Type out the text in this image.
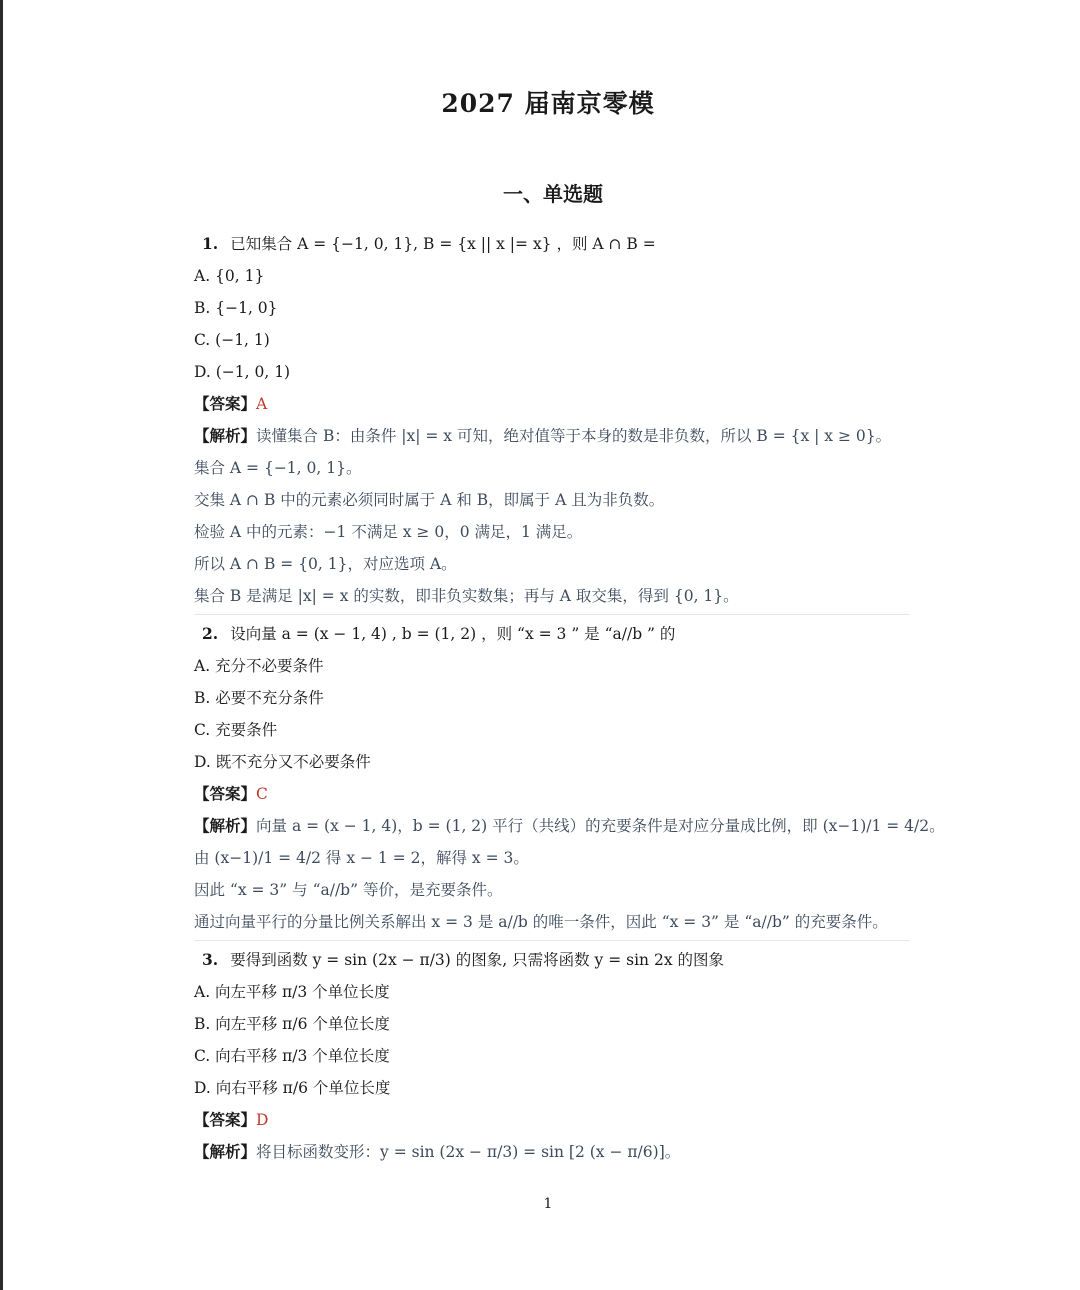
2027 届南京零模
一、单选题
1. 已知集合 A = {−1, 0, 1}, B = {x || x |= x} ，则 A ∩ B =
A. {0, 1}
B. {−1, 0}
C. (−1, 1)
D. (−1, 0, 1)
【答案】A
【解析】读懂集合 B：由条件 |x| = x 可知，绝对值等于本身的数是非负数，所以 B = {x | x ≥ 0}。
集合 A = {−1, 0, 1}。
交集 A ∩ B 中的元素必须同时属于 A 和 B，即属于 A 且为非负数。
检验 A 中的元素：−1 不满足 x ≥ 0，0 满足，1 满足。
所以 A ∩ B = {0, 1}，对应选项 A。
集合 B 是满足 |x| = x 的实数，即非负实数集；再与 A 取交集，得到 {0, 1}。
2. 设向量 a = (x − 1, 4) , b = (1, 2) ，则 “x = 3 ” 是 “a//b ” 的
A. 充分不必要条件
B. 必要不充分条件
C. 充要条件
D. 既不充分又不必要条件
【答案】C
【解析】向量 a = (x − 1, 4)，b = (1, 2) 平行（共线）的充要条件是对应分量成比例，即 (x−1)/1 = 4/2。
由 (x−1)/1 = 4/2 得 x − 1 = 2，解得 x = 3。
因此 “x = 3” 与 “a//b” 等价，是充要条件。
通过向量平行的分量比例关系解出 x = 3 是 a//b 的唯一条件，因此 “x = 3” 是 “a//b” 的充要条件。
3. 要得到函数 y = sin (2x − π/3) 的图象, 只需将函数 y = sin 2x 的图象
A. 向左平移 π/3 个单位长度
B. 向左平移 π/6 个单位长度
C. 向右平移 π/3 个单位长度
D. 向右平移 π/6 个单位长度
【答案】D
【解析】将目标函数变形：y = sin (2x − π/3) = sin [2 (x − π/6)]。
1
